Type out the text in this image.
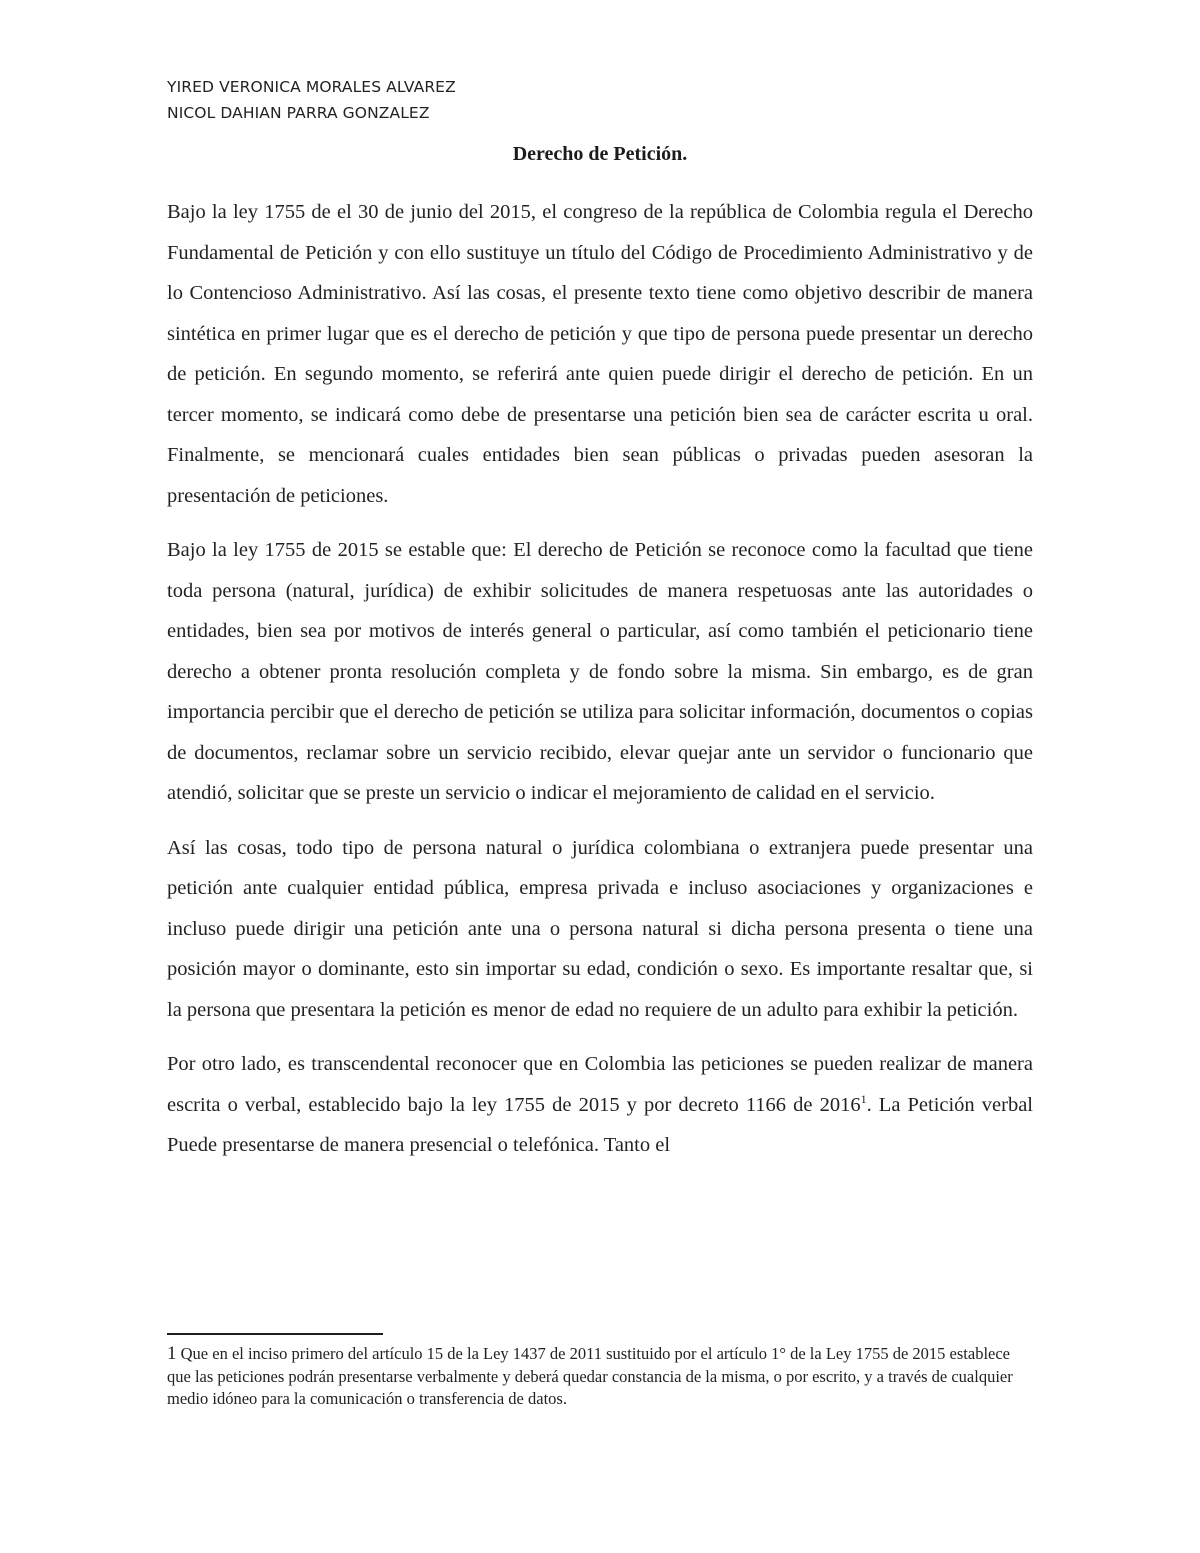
YIRED VERONICA MORALES ALVAREZ
NICOL DAHIAN PARRA GONZALEZ
Derecho de Petición.

Bajo la ley 1755 de el 30 de junio del 2015, el congreso de la república de Colombia regula el Derecho Fundamental de Petición y con ello sustituye un título del Código de Procedimiento Administrativo y de lo Contencioso Administrativo. Así las cosas, el presente texto tiene como objetivo describir de manera sintética en primer lugar que es el derecho de petición y que tipo de persona puede presentar un derecho de petición. En segundo momento, se referirá ante quien puede dirigir el derecho de petición. En un tercer momento, se indicará como debe de presentarse una petición bien sea de carácter escrita u oral. Finalmente, se mencionará cuales entidades bien sean públicas o privadas pueden asesoran la presentación de peticiones.

Bajo la ley 1755 de 2015 se estable que: El derecho de Petición se reconoce como la facultad que tiene toda persona (natural, jurídica) de exhibir solicitudes de manera respetuosas ante las autoridades o entidades, bien sea por motivos de interés general o particular, así como también el peticionario tiene derecho a obtener pronta resolución completa y de fondo sobre la misma. Sin embargo, es de gran importancia percibir que el derecho de petición se utiliza para solicitar información, documentos o copias de documentos, reclamar sobre un servicio recibido, elevar quejar ante un servidor o funcionario que atendió, solicitar que se preste un servicio o indicar el mejoramiento de calidad en el servicio.

Así las cosas, todo tipo de persona natural o jurídica colombiana o extranjera puede presentar una petición ante cualquier entidad pública, empresa privada e incluso asociaciones y organizaciones e incluso puede dirigir una petición ante una o persona natural si dicha persona presenta o tiene una posición mayor o dominante, esto sin importar su edad, condición o sexo. Es importante resaltar que, si la persona que presentara la petición es menor de edad no requiere de un adulto para exhibir la petición.

Por otro lado, es transcendental reconocer que en Colombia las peticiones se pueden realizar de manera escrita o verbal, establecido bajo la ley 1755 de 2015 y por decreto 1166 de 2016$^1$. La Petición verbal Puede presentarse de manera presencial o telefónica. Tanto el

1 Que en el inciso primero del artículo 15 de la Ley 1437 de 2011 sustituido por el artículo 1° de la Ley 1755 de 2015 establece que las peticiones podrán presentarse verbalmente y deberá quedar constancia de la misma, o por escrito, y a través de cualquier medio idóneo para la comunicación o transferencia de datos.
